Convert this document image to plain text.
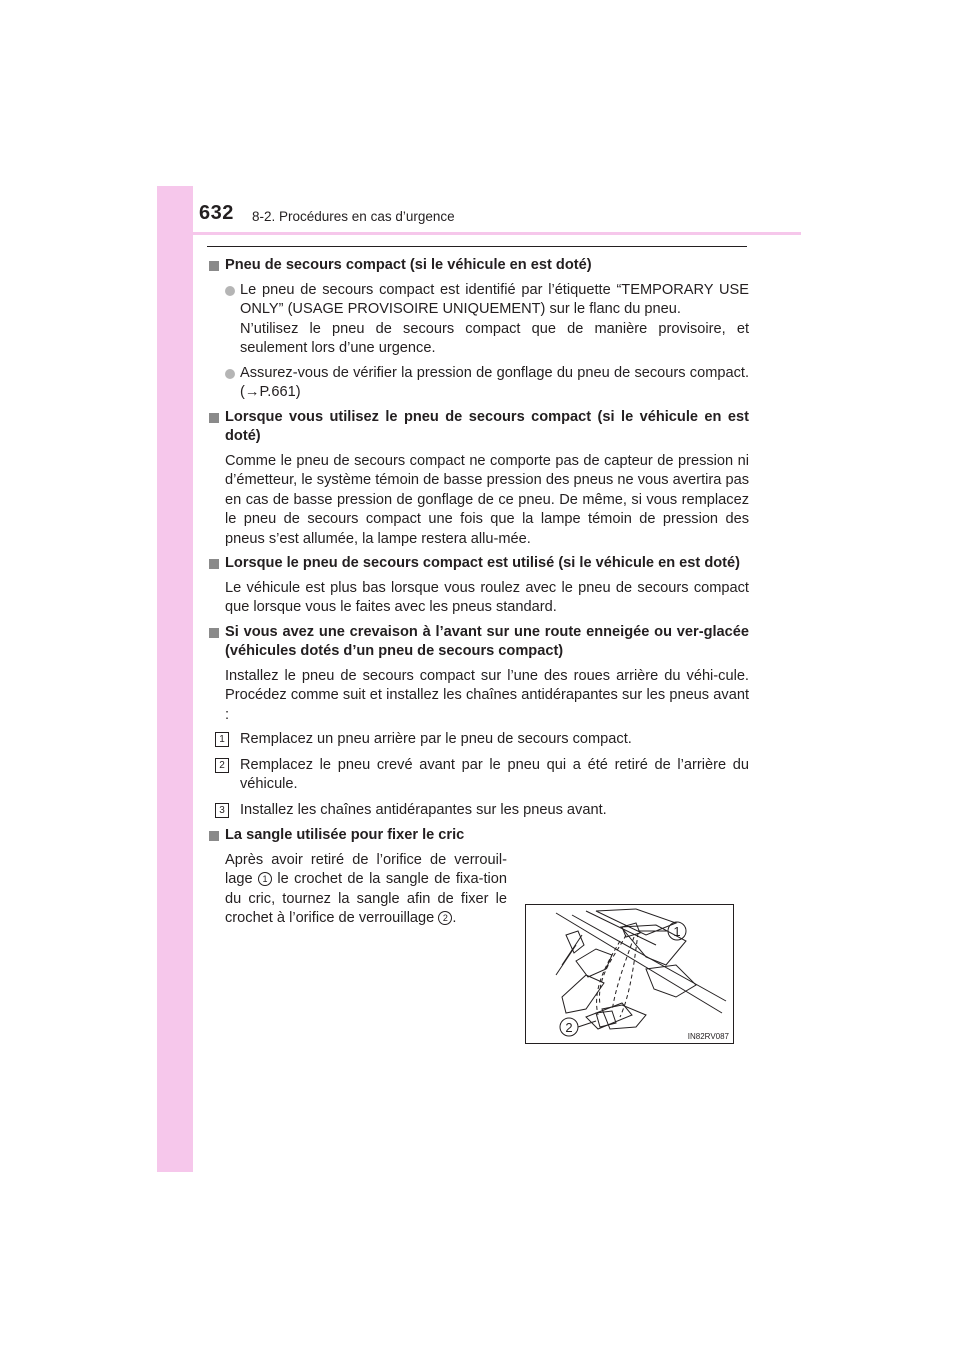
632 8-2. Procédures en cas d’urgence
Pneu de secours compact (si le véhicule en est doté)
Le pneu de secours compact est identifié par l’étiquette “TEMPORARY USE ONLY” (USAGE PROVISOIRE UNIQUEMENT) sur le flanc du pneu.
N’utilisez le pneu de secours compact que de manière provisoire, et seulement lors d’une urgence.
Assurez-vous de vérifier la pression de gonflage du pneu de secours compact. (→P.661)
Lorsque vous utilisez le pneu de secours compact (si le véhicule en est doté)
Comme le pneu de secours compact ne comporte pas de capteur de pression ni d’émetteur, le système témoin de basse pression des pneus ne vous avertira pas en cas de basse pression de gonflage de ce pneu. De même, si vous remplacez le pneu de secours compact une fois que la lampe témoin de pression des pneus s’est allumée, la lampe restera allu-mée.
Lorsque le pneu de secours compact est utilisé (si le véhicule en est doté)
Le véhicule est plus bas lorsque vous roulez avec le pneu de secours compact que lorsque vous le faites avec les pneus standard.
Si vous avez une crevaison à l’avant sur une route enneigée ou ver-glacée (véhicules dotés d’un pneu de secours compact)
Installez le pneu de secours compact sur l’une des roues arrière du véhi-cule. Procédez comme suit et installez les chaînes antidérapantes sur les pneus avant :
1 Remplacez un pneu arrière par le pneu de secours compact.
2 Remplacez le pneu crevé avant par le pneu qui a été retiré de l’arrière du véhicule.
3 Installez les chaînes antidérapantes sur les pneus avant.
La sangle utilisée pour fixer le cric
Après avoir retiré de l’orifice de verrouil-lage 1 le crochet de la sangle de fixa-tion du cric, tournez la sangle afin de fixer le crochet à l’orifice de verrouillage 2 .
1
2
IN82RV087
